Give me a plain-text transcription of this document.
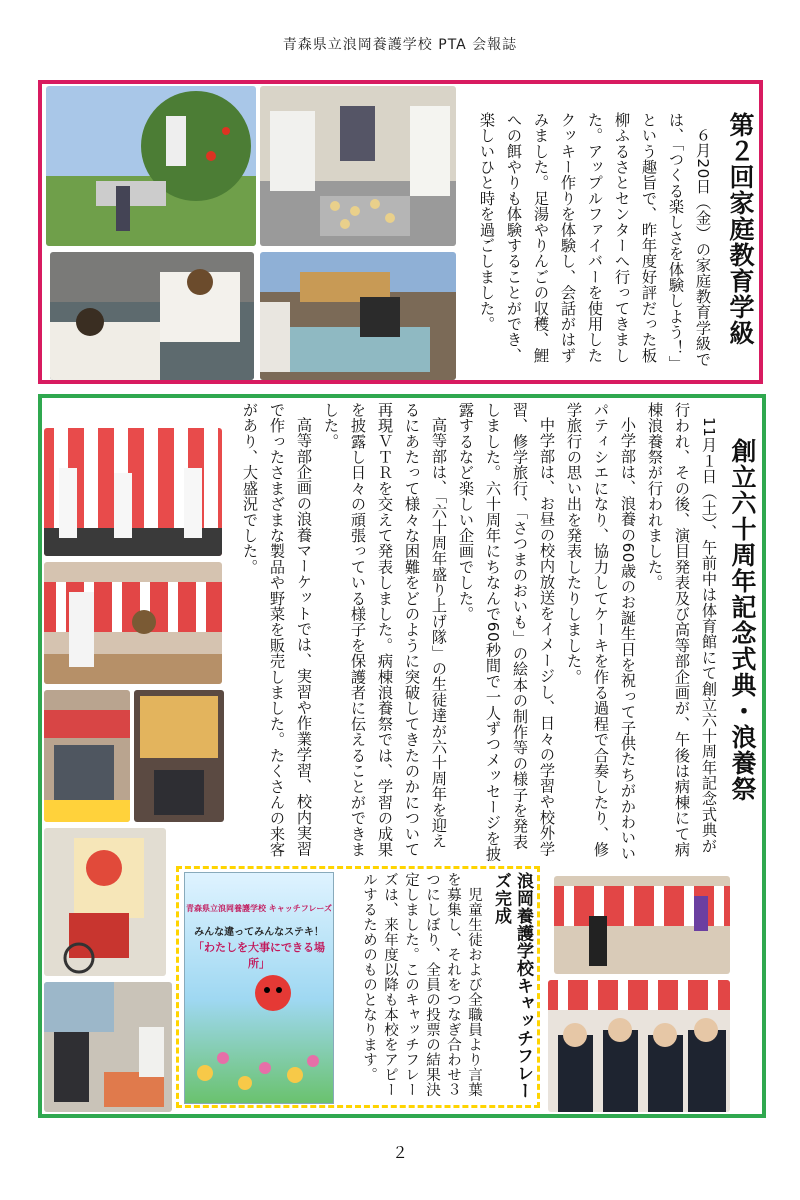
青森県立浪岡養護学校 PTA 会報誌
第２回家庭教育学級

６月20日（金）の家庭教育学級では、「つくる楽しさを体験しよう！」という趣旨で、昨年度好評だった板柳ふるさとセンターへ行ってきました。アップルファイバーを使用したクッキー作りを体験し、会話がはずみました。足湯やりんごの収穫、鯉への餌やりも体験することができ、楽しいひと時を過ごしました。

創立六十周年記念式典・浪養祭

11月１日（土）、午前中は体育館にて創立六十周年記念式典が行われ、その後、演目発表及び高等部企画が、午後は病棟にて病棟浪養祭が行われました。

小学部は、浪養の60歳のお誕生日を祝って子供たちがかわいいパティシエになり、協力してケーキを作る過程で合奏したり、修学旅行の思い出を発表したりしました。

中学部は、お昼の校内放送をイメージし、日々の学習や校外学習、修学旅行、「さつまのおいも」の絵本の制作等の様子を発表しました。六十周年にちなんで60秒間で一人ずつメッセージを披露するなど楽しい企画でした。

高等部は、「六十周年盛り上げ隊」の生徒達が六十周年を迎えるにあたって様々な困難をどのように突破してきたのかについて再現ＶＴＲを交えて発表しました。病棟浪養祭では、学習の成果を披露し日々の頑張っている様子を保護者に伝えることができました。

高等部企画の浪養マーケットでは、実習や作業学習、校内実習で作ったさまざまな製品や野菜を販売しました。たくさんの来客があり、大盛況でした。

青森県立浪岡養護学校 キャッチフレーズ
みんな違ってみんなステキ！
「わたしを大事にできる場所」	浪岡養護学校キャッチフレーズ完成

児童生徒および全職員より言葉を募集し、それをつなぎ合わせ３つにしぼり、全員の投票の結果決定しました。このキャッチフレーズは、来年度以降も本校をアピールするためのものとなります。

２
